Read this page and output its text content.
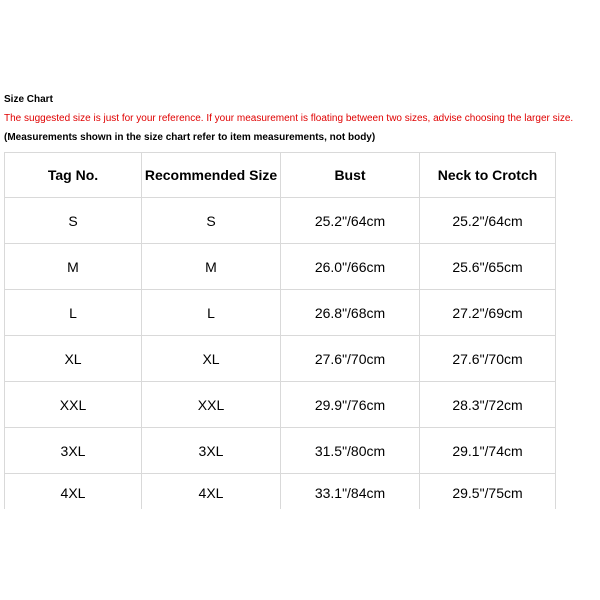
Size Chart
The suggested size is just for your reference. If your measurement is floating between two sizes, advise choosing the larger size.
(Measurements shown in the size chart refer to item measurements, not body)
Tag No.	Recommended Size	Bust	Neck to Crotch
S	S	25.2"/64cm	25.2"/64cm
M	M	26.0"/66cm	25.6"/65cm
L	L	26.8"/68cm	27.2"/69cm
XL	XL	27.6"/70cm	27.6"/70cm
XXL	XXL	29.9"/76cm	28.3"/72cm
3XL	3XL	31.5"/80cm	29.1"/74cm
4XL	4XL	33.1"/84cm	29.5"/75cm
